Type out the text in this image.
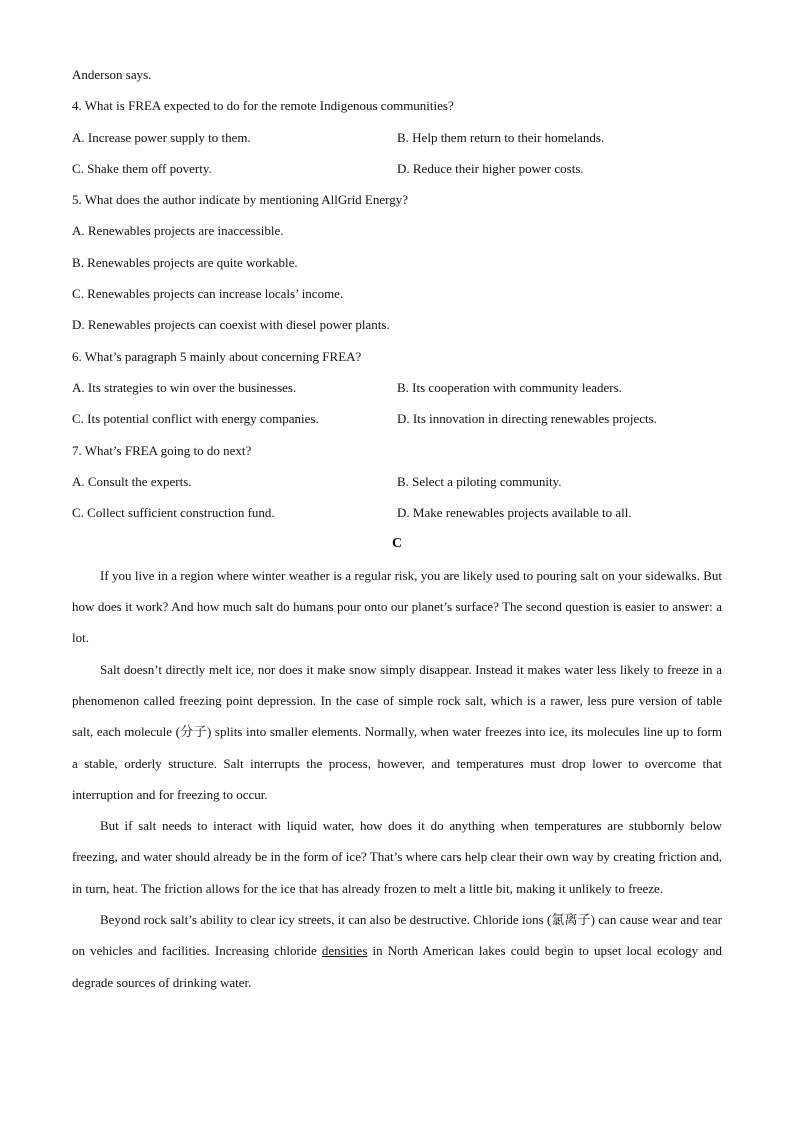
Anderson says.
4. What is FREA expected to do for the remote Indigenous communities?
A. Increase power supply to them.	B. Help them return to their homelands.
C. Shake them off poverty.	D. Reduce their higher power costs.
5. What does the author indicate by mentioning AllGrid Energy?
A. Renewables projects are inaccessible.
B. Renewables projects are quite workable.
C. Renewables projects can increase locals’ income.
D. Renewables projects can coexist with diesel power plants.
6. What’s paragraph 5 mainly about concerning FREA?
A. Its strategies to win over the businesses.	B. Its cooperation with community leaders.
C. Its potential conflict with energy companies.	D. Its innovation in directing renewables projects.
7. What’s FREA going to do next?
A. Consult the experts.	B. Select a piloting community.
C. Collect sufficient construction fund.	D. Make renewables projects available to all.
C

If you live in a region where winter weather is a regular risk, you are likely used to pouring salt on your sidewalks. But how does it work? And how much salt do humans pour onto our planet’s surface? The second question is easier to answer: a lot.

Salt doesn’t directly melt ice, nor does it make snow simply disappear. Instead it makes water less likely to freeze in a phenomenon called freezing point depression. In the case of simple rock salt, which is a rawer, less pure version of table salt, each molecule (分子) splits into smaller elements. Normally, when water freezes into ice, its molecules line up to form a stable, orderly structure. Salt interrupts the process, however, and temperatures must drop lower to overcome that interruption and for freezing to occur.

But if salt needs to interact with liquid water, how does it do anything when temperatures are stubbornly below freezing, and water should already be in the form of ice? That’s where cars help clear their own way by creating friction and, in turn, heat. The friction allows for the ice that has already frozen to melt a little bit, making it unlikely to freeze.

Beyond rock salt’s ability to clear icy streets, it can also be destructive. Chloride ions (氯离子) can cause wear and tear on vehicles and facilities. Increasing chloride densities in North American lakes could begin to upset local ecology and degrade sources of drinking water.
